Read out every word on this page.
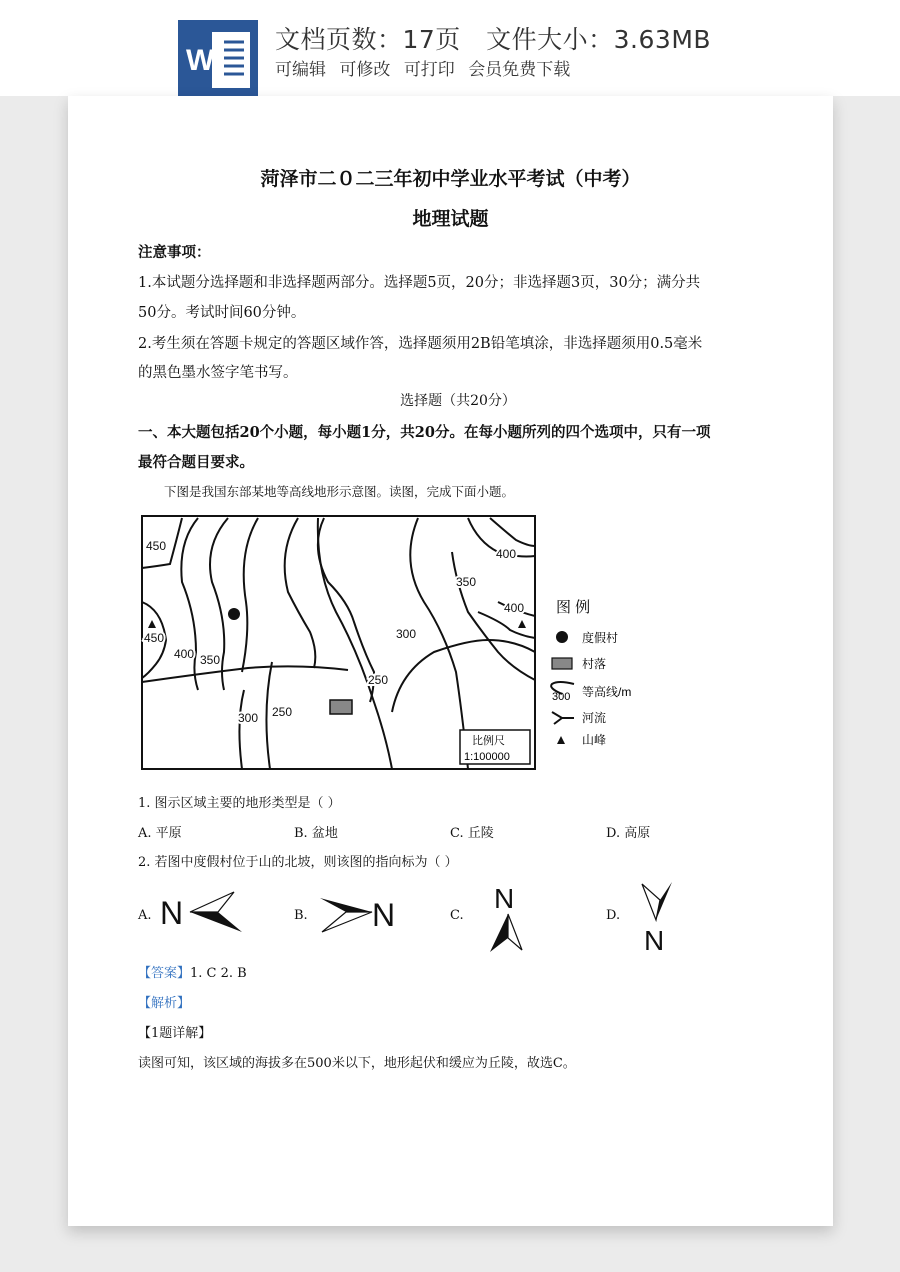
W
文档页数：17页   文件大小：3.63MB
可编辑 可修改 可打印 会员免费下载
菏泽市二０二三年初中学业水平考试（中考）
地理试题
注意事项：
1.本试题分选择题和非选择题两部分。选择题5页，20分；非选择题3页，30分；满分共
50分。考试时间60分钟。
2.考生须在答题卡规定的答题区域作答，选择题须用2B铅笔填涂，非选择题须用0.5毫米
的黑色墨水签字笔书写。
选择题（共20分）
一、本大题包括20个小题，每小题1分，共20分。在每小题所列的四个选项中，只有一项
最符合题目要求。
下图是我国东部某地等高线地形示意图。读图，完成下面小题。
450
450
400 350
300
250
300 250
350
400
400
比例尺
1:100000
图 例
度假村
村落
300 等高线/m
河流
山峰
1. 图示区域主要的地形类型是（ ）
A. 平原	B. 盆地	C. 丘陵	D. 高原
2. 若图中度假村位于山的北坡，则该图的指向标为（ ）
A. N	B. N	C.
N
D.
N
【答案】1. C 2. B
【解析】
【1题详解】
读图可知，该区域的海拔多在500米以下，地形起伏和缓应为丘陵，故选C。
